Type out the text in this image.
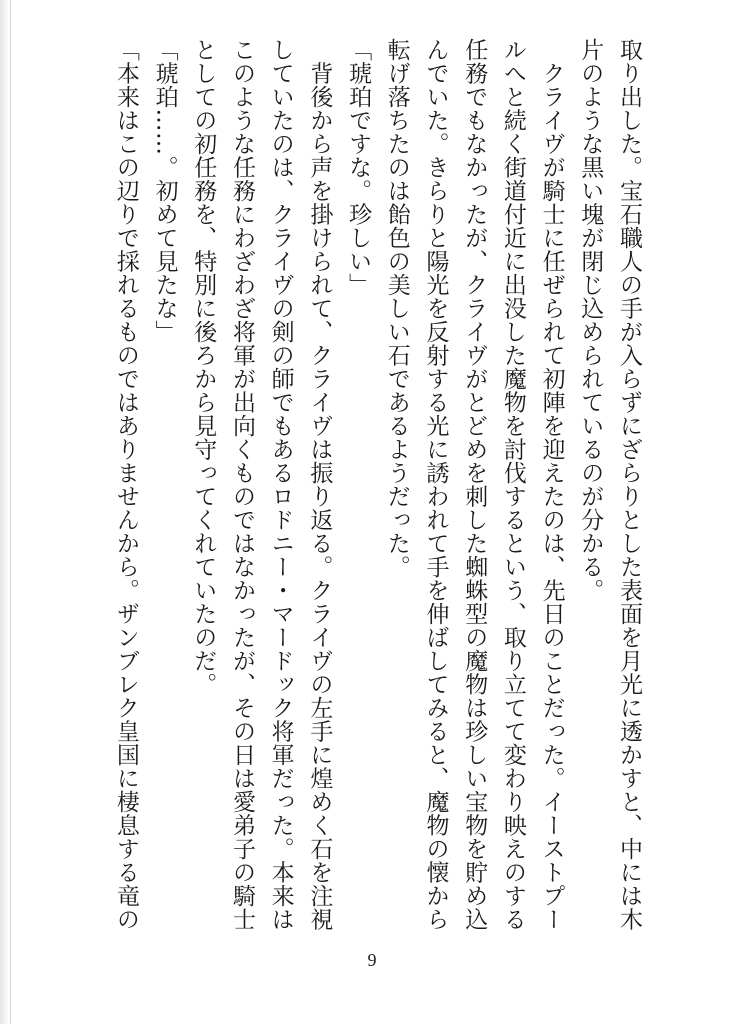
取り出した。宝石職人の手が入らずにざらりとした表面を月光に透かすと、中には木片のような黒い塊が閉じ込められているのが分かる。

　クライヴが騎士に任ぜられて初陣を迎えたのは、先日のことだった。イーストプールへと続く街道付近に出没した魔物を討伐するという、取り立てて変わり映えのする任務でもなかったが、クライヴがとどめを刺した蜘蛛型の魔物は珍しい宝物を貯め込んでいた。きらりと陽光を反射する光に誘われて手を伸ばしてみると、魔物の懐から転げ落ちたのは飴色の美しい石であるようだった。

「琥珀ですな。珍しい」

　背後から声を掛けられて、クライヴは振り返る。クライヴの左手に煌めく石を注視していたのは、クライヴの剣の師でもあるロドニー・マードック将軍だった。本来はこのような任務にわざわざ将軍が出向くものではなかったが、その日は愛弟子の騎士としての初任務を、特別に後ろから見守ってくれていたのだ。

「琥珀……。初めて見たな」

「本来はこの辺りで採れるものではありませんから。ザンブレク皇国に棲息する竜の

9
